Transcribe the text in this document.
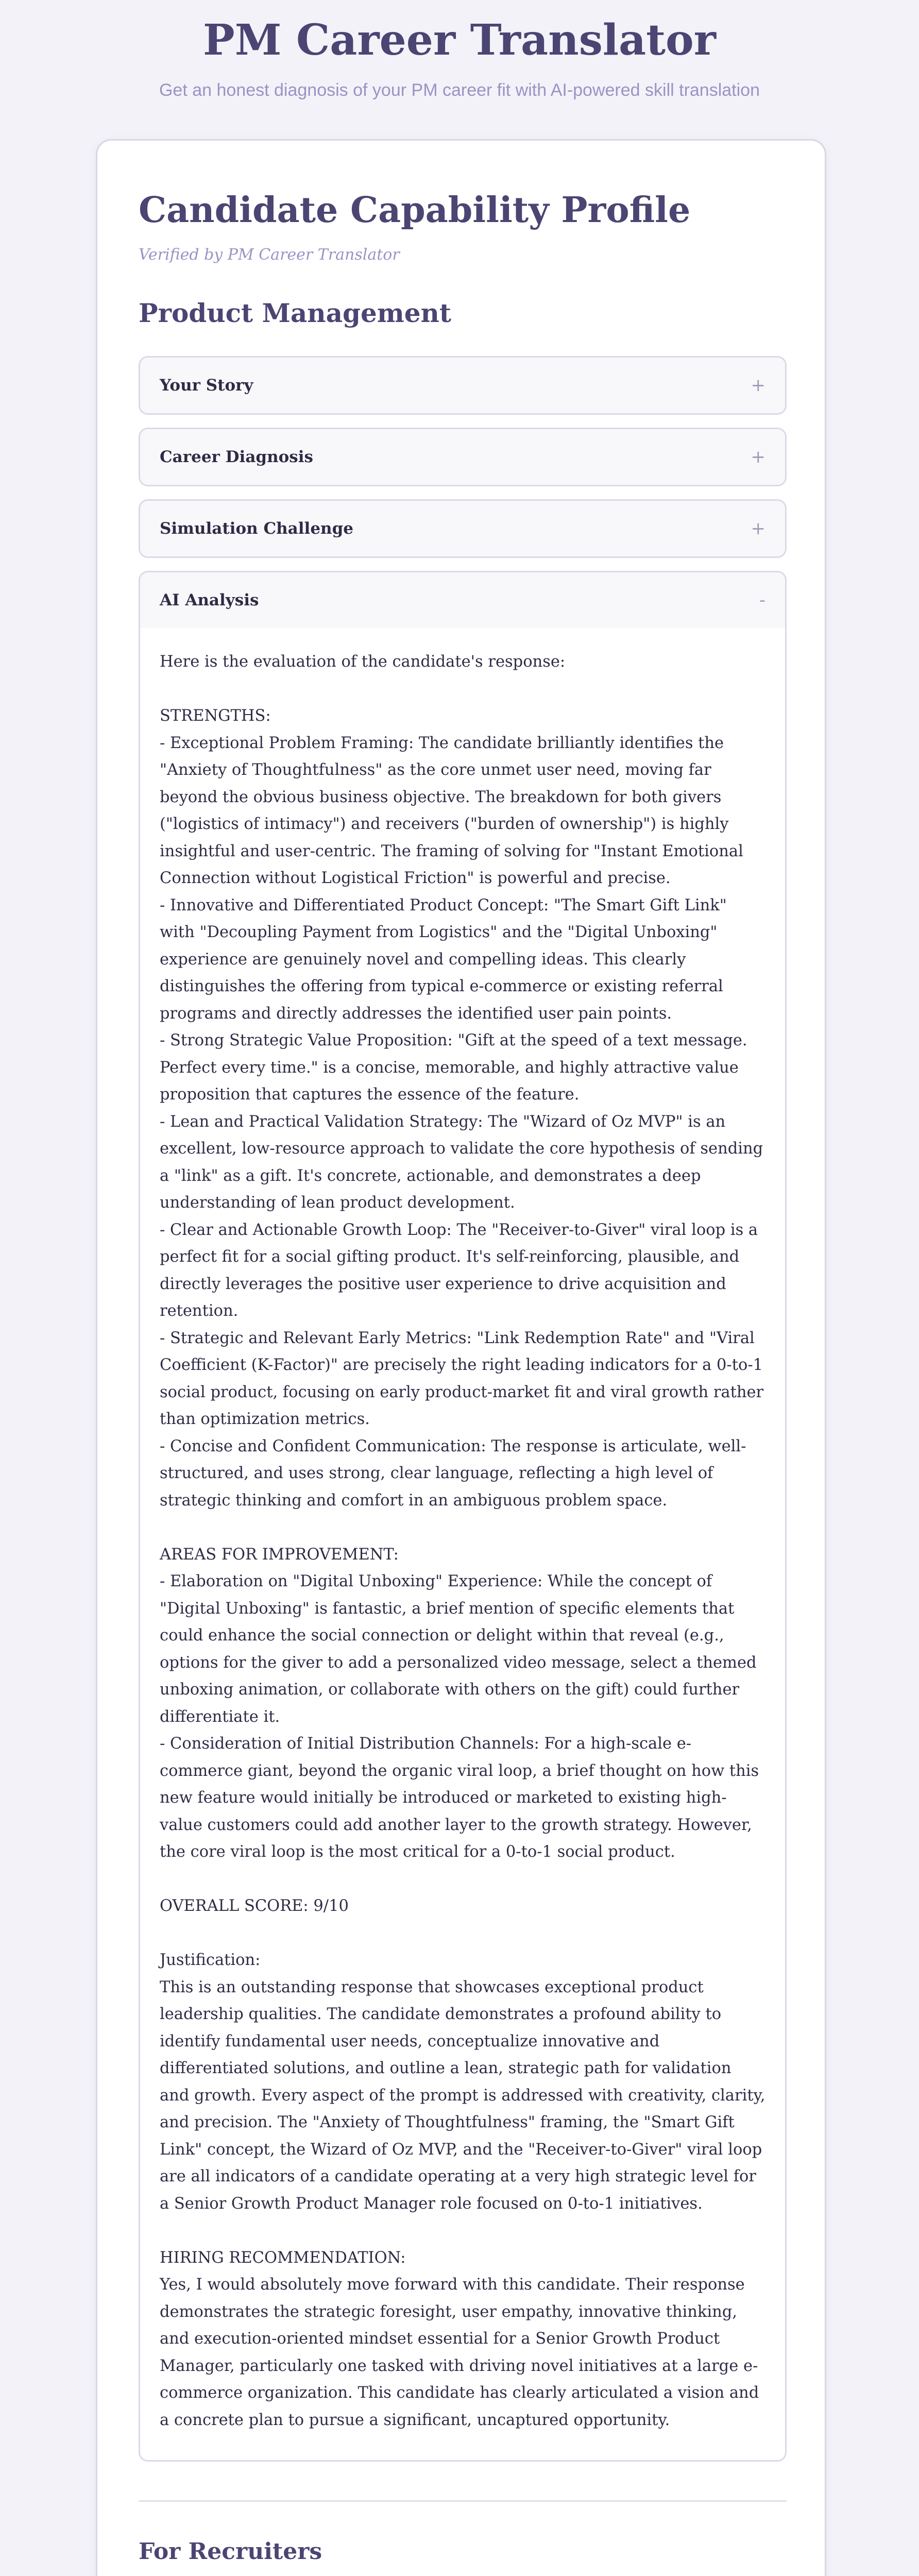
PM Career Translator
Get an honest diagnosis of your PM career fit with AI-powered skill translation
Candidate Capability Profile
Verified by PM Career Translator
Product Management
Your Story	+
Career Diagnosis	+
Simulation Challenge	+
AI Analysis	-

Here is the evaluation of the candidate's response:

STRENGTHS:

- Exceptional Problem Framing: The candidate brilliantly identifies the "Anxiety of Thoughtfulness" as the core unmet user need, moving far beyond the obvious business objective. The breakdown for both givers ("logistics of intimacy") and receivers ("burden of ownership") is highly insightful and user-centric. The framing of solving for "Instant Emotional Connection without Logistical Friction" is powerful and precise.

- Innovative and Differentiated Product Concept: "The Smart Gift Link" with "Decoupling Payment from Logistics" and the "Digital Unboxing" experience are genuinely novel and compelling ideas. This clearly distinguishes the offering from typical e-commerce or existing referral programs and directly addresses the identified user pain points.

- Strong Strategic Value Proposition: "Gift at the speed of a text message. Perfect every time." is a concise, memorable, and highly attractive value proposition that captures the essence of the feature.

- Lean and Practical Validation Strategy: The "Wizard of Oz MVP" is an excellent, low-resource approach to validate the core hypothesis of sending a "link" as a gift. It's concrete, actionable, and demonstrates a deep understanding of lean product development.

- Clear and Actionable Growth Loop: The "Receiver-to-Giver" viral loop is a perfect fit for a social gifting product. It's self-reinforcing, plausible, and directly leverages the positive user experience to drive acquisition and retention.

- Strategic and Relevant Early Metrics: "Link Redemption Rate" and "Viral Coefficient (K-Factor)" are precisely the right leading indicators for a 0-to-1 social product, focusing on early product-market fit and viral growth rather than optimization metrics.

- Concise and Confident Communication: The response is articulate, well-structured, and uses strong, clear language, reflecting a high level of strategic thinking and comfort in an ambiguous problem space.

AREAS FOR IMPROVEMENT:

- Elaboration on "Digital Unboxing" Experience: While the concept of "Digital Unboxing" is fantastic, a brief mention of specific elements that could enhance the social connection or delight within that reveal (e.g., options for the giver to add a personalized video message, select a themed unboxing animation, or collaborate with others on the gift) could further differentiate it.

- Consideration of Initial Distribution Channels: For a high-scale e-commerce giant, beyond the organic viral loop, a brief thought on how this new feature would initially be introduced or marketed to existing high-value customers could add another layer to the growth strategy. However, the core viral loop is the most critical for a 0-to-1 social product.

OVERALL SCORE: 9/10

Justification:

This is an outstanding response that showcases exceptional product leadership qualities. The candidate demonstrates a profound ability to identify fundamental user needs, conceptualize innovative and differentiated solutions, and outline a lean, strategic path for validation and growth. Every aspect of the prompt is addressed with creativity, clarity, and precision. The "Anxiety of Thoughtfulness" framing, the "Smart Gift Link" concept, the Wizard of Oz MVP, and the "Receiver-to-Giver" viral loop are all indicators of a candidate operating at a very high strategic level for a Senior Growth Product Manager role focused on 0-to-1 initiatives.

HIRING RECOMMENDATION:

Yes, I would absolutely move forward with this candidate. Their response demonstrates the strategic foresight, user empathy, innovative thinking, and execution-oriented mindset essential for a Senior Growth Product Manager, particularly one tasked with driving novel initiatives at a large e-commerce organization. This candidate has clearly articulated a vision and a concrete plan to pursue a significant, uncaptured opportunity.

For Recruiters
